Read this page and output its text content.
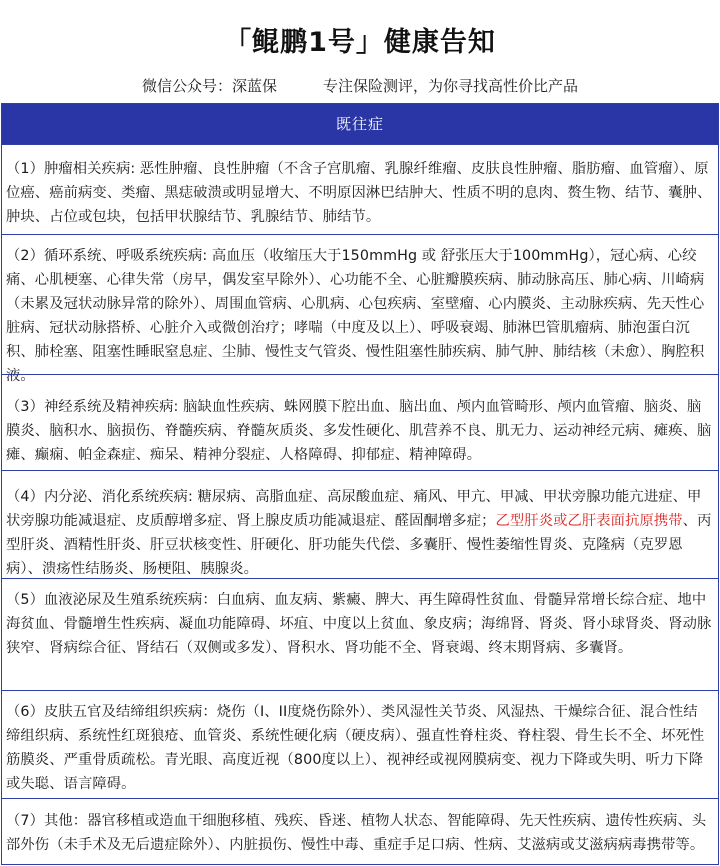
「鲲鹏1号」健康告知
微信公众号：深蓝保	专注保险测评，为你寻找高性价比产品
既往症

（1）肿瘤相关疾病: 恶性肿瘤、良性肿瘤（不含子宫肌瘤、乳腺纤维瘤、皮肤良性肿瘤、脂肪瘤、血管瘤）、原位癌、癌前病变、类瘤、黑痣破溃或明显增大、不明原因淋巴结肿大、性质不明的息肉、赘生物、结节、囊肿、肿块、占位或包块，包括甲状腺结节、乳腺结节、肺结节。

（2）循环系统、呼吸系统疾病: 高血压（收缩压大于150mmHg 或 舒张压大于100mmHg），冠心病、心绞痛、心肌梗塞、心律失常（房早，偶发室早除外）、心功能不全、心脏瓣膜疾病、肺动脉高压、肺心病、川崎病（未累及冠状动脉异常的除外）、周围血管病、心肌病、心包疾病、室壁瘤、心内膜炎、主动脉疾病、先天性心脏病、冠状动脉搭桥、心脏介入或微创治疗；哮喘（中度及以上）、呼吸衰竭、肺淋巴管肌瘤病、肺泡蛋白沉积、肺栓塞、阻塞性睡眠窒息症、尘肺、慢性支气管炎、慢性阻塞性肺疾病、肺气肿、肺结核（未愈）、胸腔积液。

（3）神经系统及精神疾病: 脑缺血性疾病、蛛网膜下腔出血、脑出血、颅内血管畸形、颅内血管瘤、脑炎、脑膜炎、脑积水、脑损伤、脊髓疾病、脊髓灰质炎、多发性硬化、肌营养不良、肌无力、运动神经元病、瘫痪、脑瘫、癫痫、帕金森症、痴呆、精神分裂症、人格障碍、抑郁症、精神障碍。

（4）内分泌、消化系统疾病: 糖尿病、高脂血症、高尿酸血症、痛风、甲亢、甲减、甲状旁腺功能亢进症、甲状旁腺功能减退症、皮质醇增多症、肾上腺皮质功能减退症、醛固酮增多症；乙型肝炎或乙肝表面抗原携带、丙型肝炎、酒精性肝炎、肝豆状核变性、肝硬化、肝功能失代偿、多囊肝、慢性萎缩性胃炎、克隆病（克罗恩病）、溃疡性结肠炎、肠梗阻、胰腺炎。

（5）血液泌尿及生殖系统疾病：白血病、血友病、紫癜、脾大、再生障碍性贫血、骨髓异常增长综合症、地中海贫血、骨髓增生性疾病、凝血功能障碍、坏疽、中度以上贫血、象皮病；海绵肾、肾炎、肾小球肾炎、肾动脉狭窄、肾病综合征、肾结石（双侧或多发）、肾积水、肾功能不全、肾衰竭、终末期肾病、多囊肾。

（6）皮肤五官及结缔组织疾病：烧伤（I、II度烧伤除外）、类风湿性关节炎、风湿热、干燥综合征、混合性结缔组织病、系统性红斑狼疮、血管炎、系统性硬化病（硬皮病）、强直性脊柱炎、脊柱裂、骨生长不全、坏死性筋膜炎、严重骨质疏松。青光眼、高度近视（800度以上）、视神经或视网膜病变、视力下降或失明、听力下降或失聪、语言障碍。

（7）其他：器官移植或造血干细胞移植、残疾、昏迷、植物人状态、智能障碍、先天性疾病、遗传性疾病、头部外伤（未手术及无后遗症除外）、内脏损伤、慢性中毒、重症手足口病、性病、艾滋病或艾滋病病毒携带等。
